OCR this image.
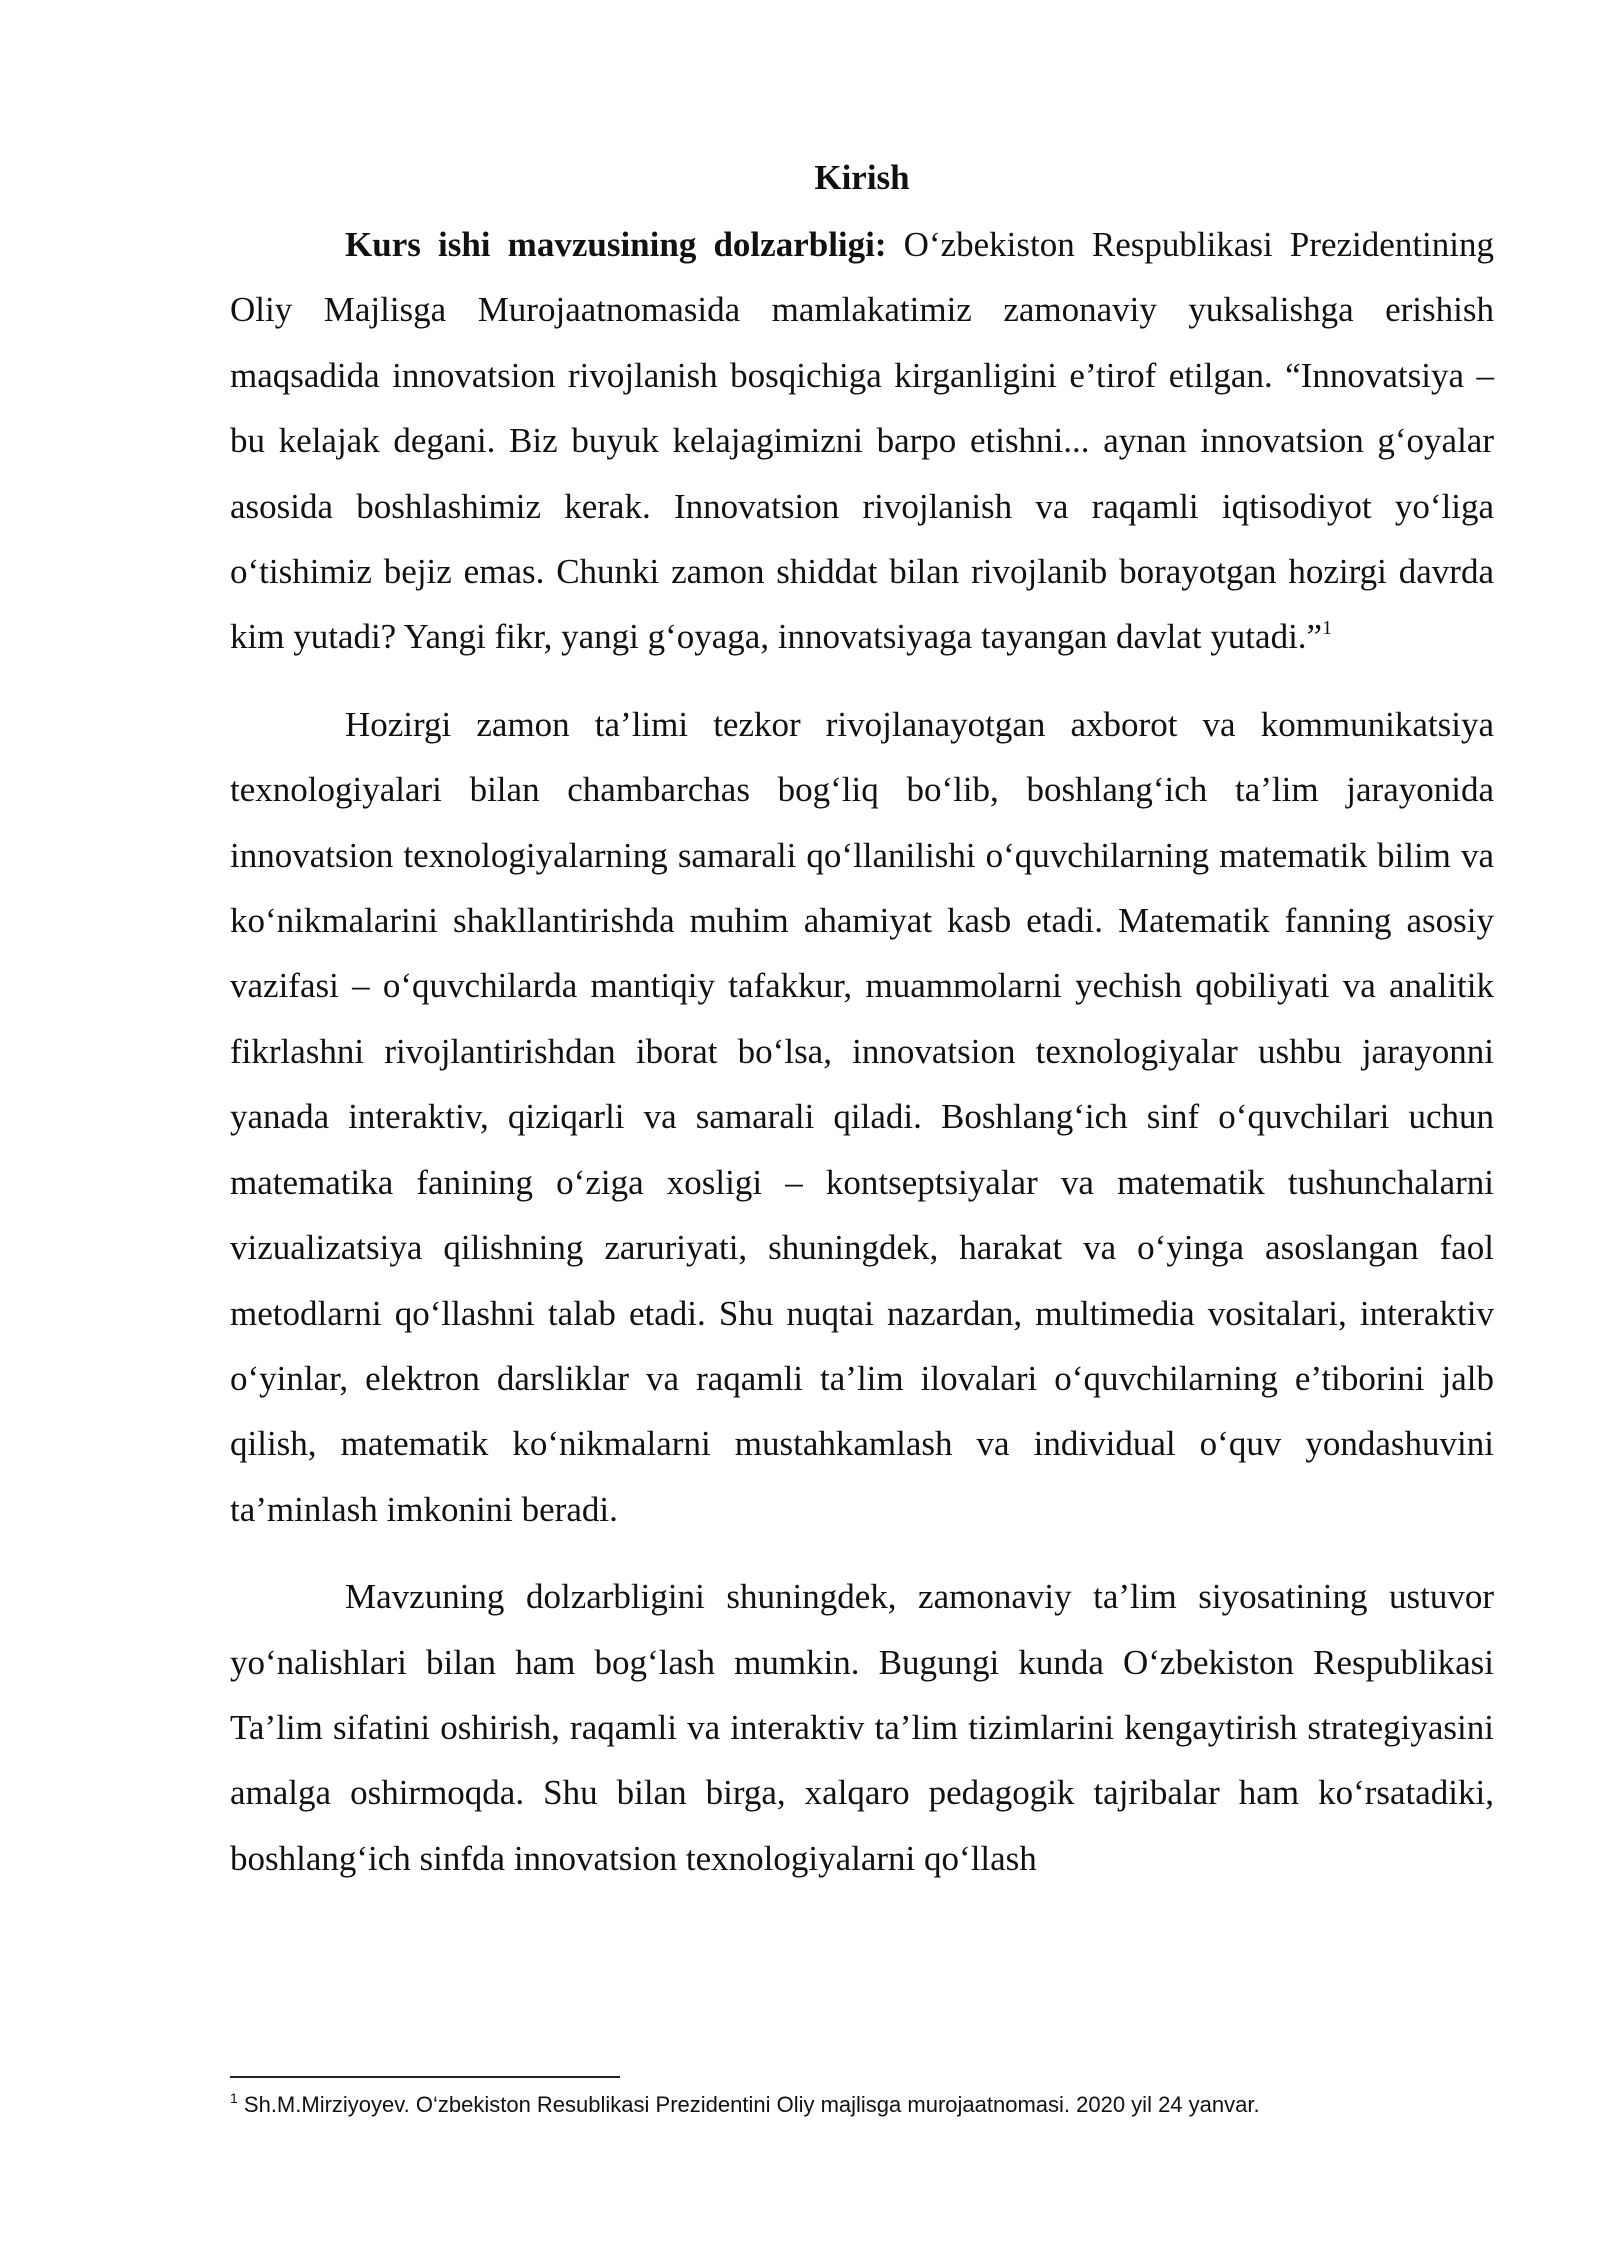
Kirish

Kurs ishi mavzusining dolzarbligi: O‘zbekiston Respublikasi Prezidentining Oliy Majlisga Murojaatnomasida mamlakatimiz zamonaviy yuksalishga erishish maqsadida innovatsion rivojlanish bosqichiga kirganligini e’tirof etilgan. “Innovatsiya – bu kelajak degani. Biz buyuk kelajagimizni barpo etishni... aynan innovatsion g‘oyalar asosida boshlashimiz kerak. Innovatsion rivojlanish va raqamli iqtisodiyot yo‘liga o‘tishimiz bejiz emas. Chunki zamon shiddat bilan rivojlanib borayotgan hozirgi davrda kim yutadi? Yangi fikr, yangi g‘oyaga, innovatsiyaga tayangan davlat yutadi.”$^1$

Hozirgi zamon ta’limi tezkor rivojlanayotgan axborot va kommunikatsiya texnologiyalari bilan chambarchas bog‘liq bo‘lib, boshlang‘ich ta’lim jarayonida innovatsion texnologiyalarning samarali qo‘llanilishi o‘quvchilarning matematik bilim va ko‘nikmalarini shakllantirishda muhim ahamiyat kasb etadi. Matematik fanning asosiy vazifasi – o‘quvchilarda mantiqiy tafakkur, muammolarni yechish qobiliyati va analitik fikrlashni rivojlantirishdan iborat bo‘lsa, innovatsion texnologiyalar ushbu jarayonni yanada interaktiv, qiziqarli va samarali qiladi. Boshlang‘ich sinf o‘quvchilari uchun matematika fanining o‘ziga xosligi – kontseptsiyalar va matematik tushunchalarni vizualizatsiya qilishning zaruriyati, shuningdek, harakat va o‘yinga asoslangan faol metodlarni qo‘llashni talab etadi. Shu nuqtai nazardan, multimedia vositalari, interaktiv o‘yinlar, elektron darsliklar va raqamli ta’lim ilovalari o‘quvchilarning e’tiborini jalb qilish, matematik ko‘nikmalarni mustahkamlash va individual o‘quv yondashuvini ta’minlash imkonini beradi.

Mavzuning dolzarbligini shuningdek, zamonaviy ta’lim siyosatining ustuvor yo‘nalishlari bilan ham bog‘lash mumkin. Bugungi kunda O‘zbekiston Respublikasi Ta’lim sifatini oshirish, raqamli va interaktiv ta’lim tizimlarini kengaytirish strategiyasini amalga oshirmoqda. Shu bilan birga, xalqaro pedagogik tajribalar ham ko‘rsatadiki, boshlang‘ich sinfda innovatsion texnologiyalarni qo‘llash

$^1$ Sh.M.Mirziyoyev. O‘zbekiston Resublikasi Prezidentini Oliy majlisga murojaatnomasi. 2020 yil 24 yanvar.
